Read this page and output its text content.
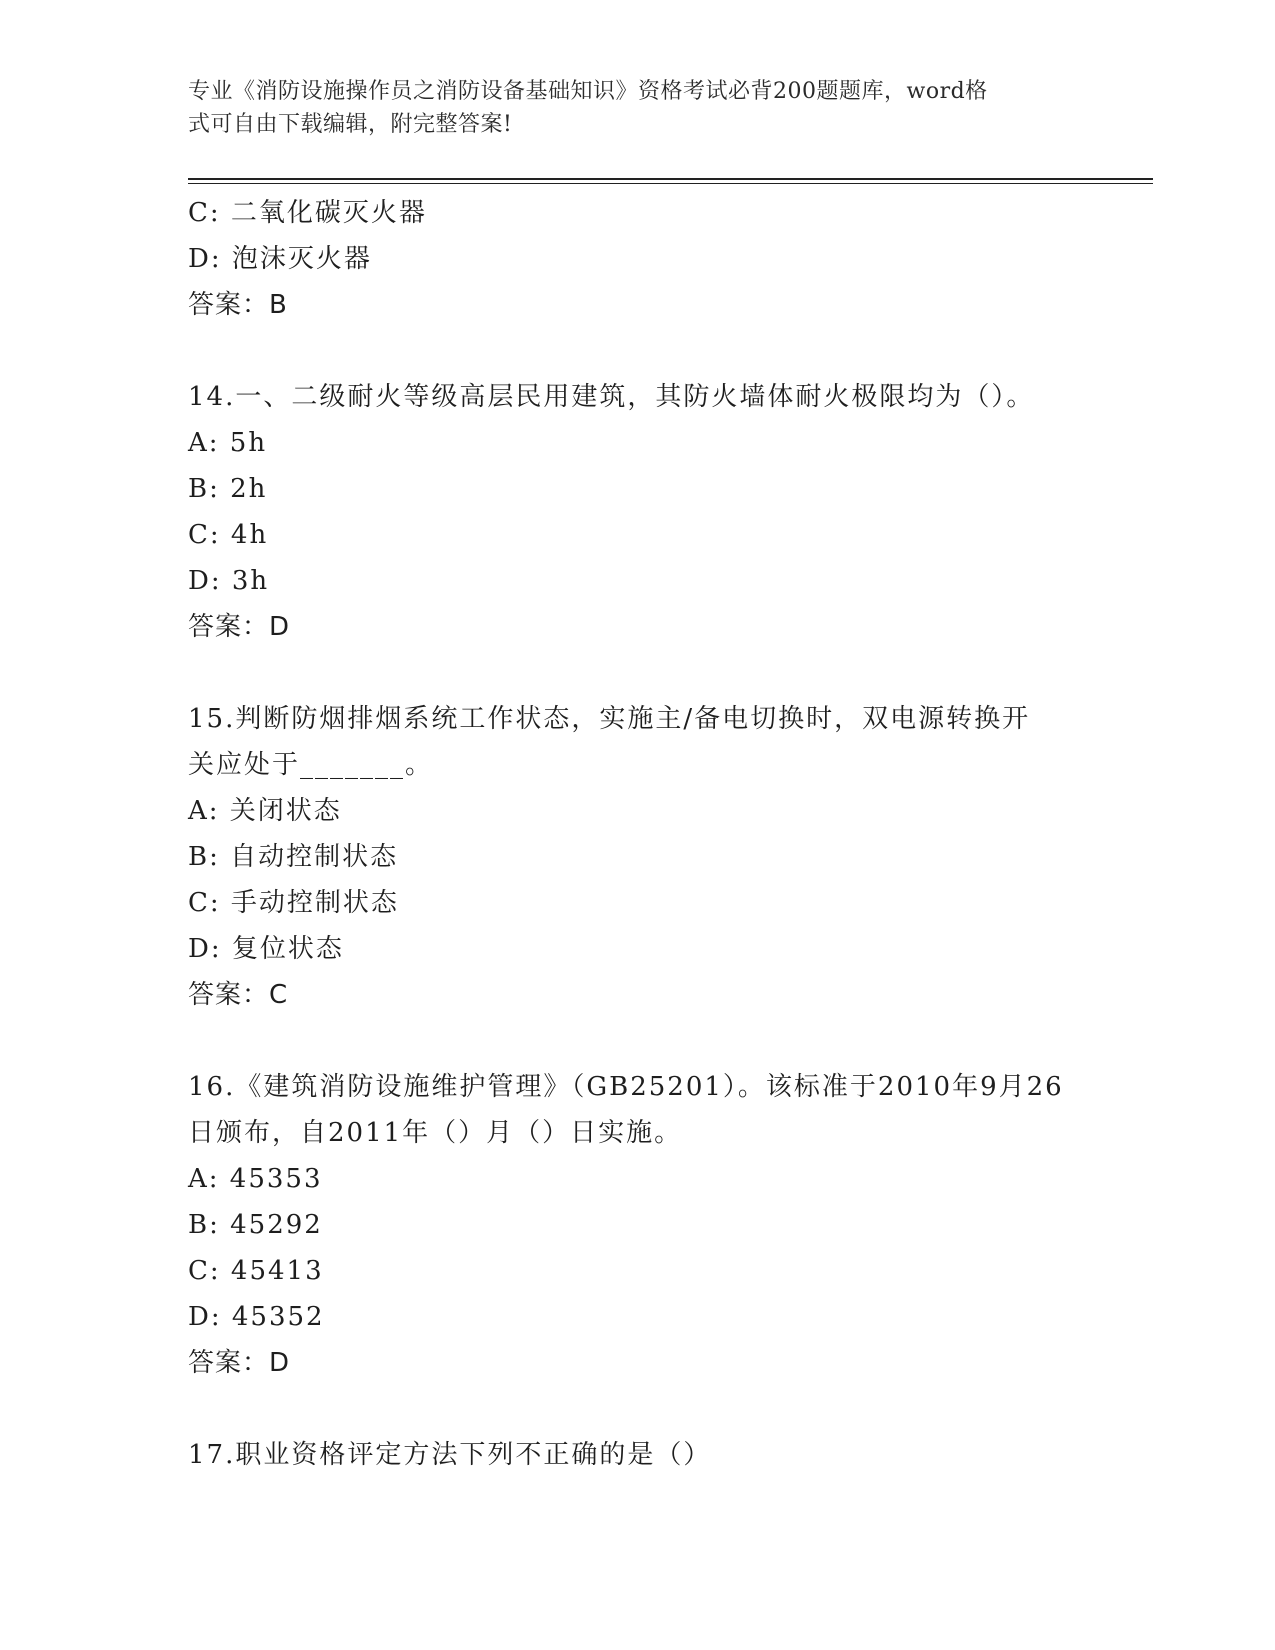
专业《消防设施操作员之消防设备基础知识》资格考试必背200题题库，word格
式可自由下载编辑，附完整答案!
C: 二氧化碳灭火器
D: 泡沫灭火器
答案：B
14.一、二级耐火等级高层民用建筑，其防火墙体耐火极限均为（）。
A: 5h
B: 2h
C: 4h
D: 3h
答案：D
15.判断防烟排烟系统工作状态，实施主/备电切换时，双电源转换开
关应处于_______。
A: 关闭状态
B: 自动控制状态
C: 手动控制状态
D: 复位状态
答案：C
16.《建筑消防设施维护管理》（GB25201）。该标准于2010年9月26
日颁布，自2011年（）月（）日实施。
A: 45353
B: 45292
C: 45413
D: 45352
答案：D
17.职业资格评定方法下列不正确的是（）
